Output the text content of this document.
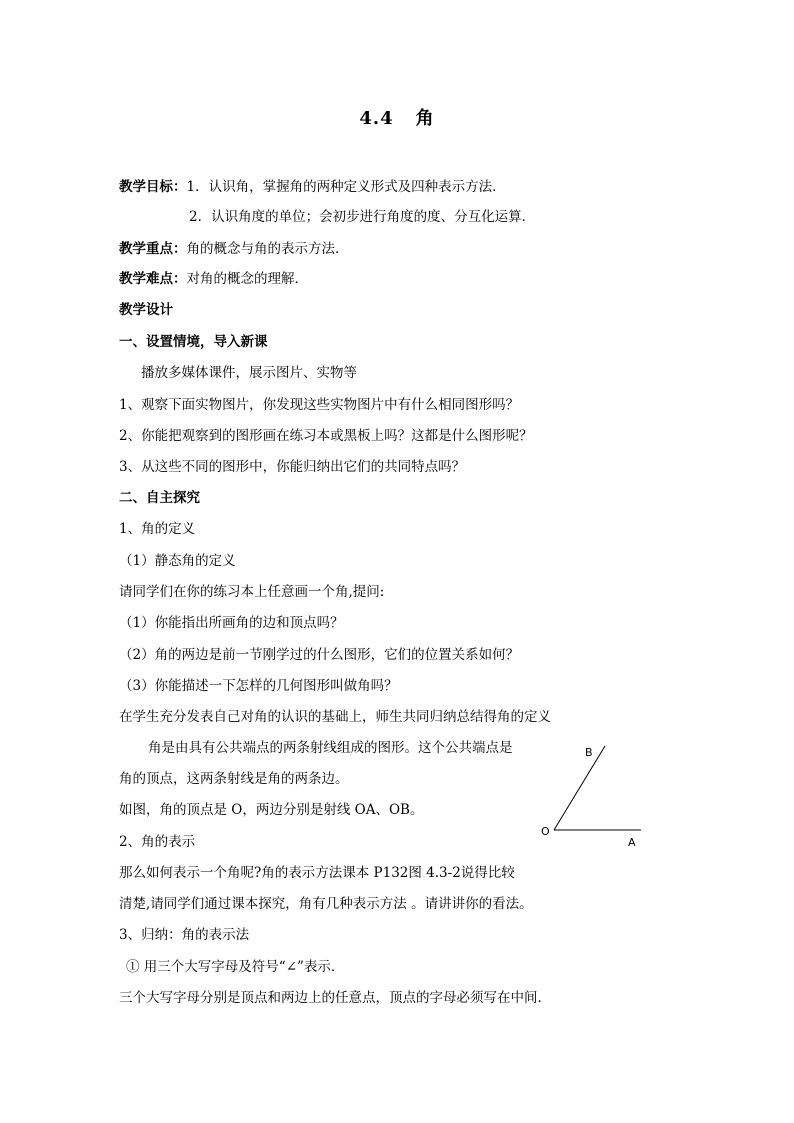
4.4 角
教学目标：1．认识角，掌握角的两种定义形式及四种表示方法．
2．认识角度的单位；会初步进行角度的度、分互化运算．
教学重点：角的概念与角的表示方法．
教学难点：对角的概念的理解．
教学设计
一、设置情境，导入新课
播放多媒体课件，展示图片、实物等
1、观察下面实物图片，你发现这些实物图片中有什么相同图形吗？
2、你能把观察到的图形画在练习本或黑板上吗？这都是什么图形呢？
3、从这些不同的图形中，你能归纳出它们的共同特点吗？
二、自主探究
1、角的定义
（1）静态角的定义
请同学们在你的练习本上任意画一个角,提问:
（1）你能指出所画角的边和顶点吗？
（2）角的两边是前一节刚学过的什么图形，它们的位置关系如何？
（3）你能描述一下怎样的几何图形叫做角吗？
在学生充分发表自己对角的认识的基础上，师生共同归纳总结得角的定义
角是由具有公共端点的两条射线组成的图形。这个公共端点是
角的顶点，这两条射线是角的两条边。
如图，角的顶点是 O，两边分别是射线 OA、OB。
2、角的表示
那么如何表示一个角呢?角的表示方法课本 P132图 4.3-2说得比较
清楚,请同学们通过课本探究，角有几种表示方法 。请讲讲你的看法。
3、归纳：角的表示法
① 用三个大写字母及符号“∠”表示．
三个大写字母分别是顶点和两边上的任意点，顶点的字母必须写在中间．
O
A
B
